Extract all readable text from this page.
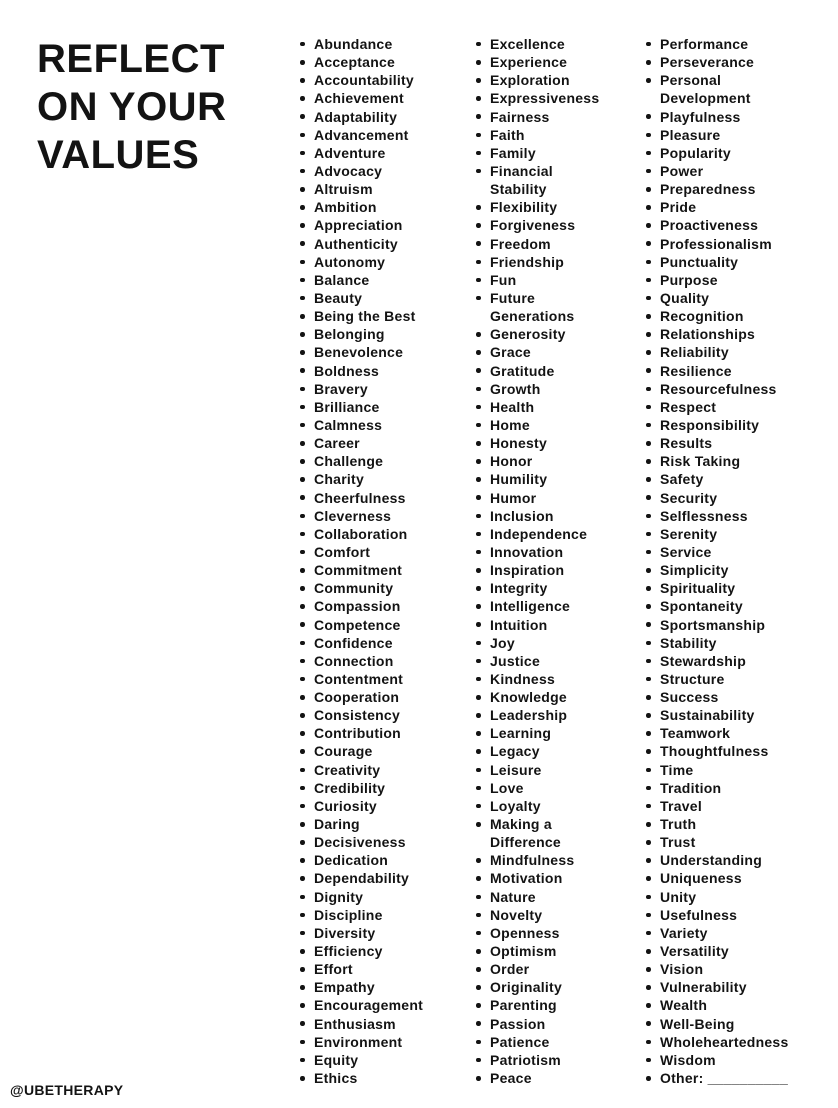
REFLECT
ON YOUR
VALUES
Abundance
Acceptance
Accountability
Achievement
Adaptability
Advancement
Adventure
Advocacy
Altruism
Ambition
Appreciation
Authenticity
Autonomy
Balance
Beauty
Being the Best
Belonging
Benevolence
Boldness
Bravery
Brilliance
Calmness
Career
Challenge
Charity
Cheerfulness
Cleverness
Collaboration
Comfort
Commitment
Community
Compassion
Competence
Confidence
Connection
Contentment
Cooperation
Consistency
Contribution
Courage
Creativity
Credibility
Curiosity
Daring
Decisiveness
Dedication
Dependability
Dignity
Discipline
Diversity
Efficiency
Effort
Empathy
Encouragement
Enthusiasm
Environment
Equity
Ethics
Excellence
Experience
Exploration
Expressiveness
Fairness
Faith
Family
Financial
Stability
Flexibility
Forgiveness
Freedom
Friendship
Fun
Future
Generations
Generosity
Grace
Gratitude
Growth
Health
Home
Honesty
Honor
Humility
Humor
Inclusion
Independence
Innovation
Inspiration
Integrity
Intelligence
Intuition
Joy
Justice
Kindness
Knowledge
Leadership
Learning
Legacy
Leisure
Love
Loyalty
Making a
Difference
Mindfulness
Motivation
Nature
Novelty
Openness
Optimism
Order
Originality
Parenting
Passion
Patience
Patriotism
Peace
Performance
Perseverance
Personal
Development
Playfulness
Pleasure
Popularity
Power
Preparedness
Pride
Proactiveness
Professionalism
Punctuality
Purpose
Quality
Recognition
Relationships
Reliability
Resilience
Resourcefulness
Respect
Responsibility
Results
Risk Taking
Safety
Security
Selflessness
Serenity
Service
Simplicity
Spirituality
Spontaneity
Sportsmanship
Stability
Stewardship
Structure
Success
Sustainability
Teamwork
Thoughtfulness
Time
Tradition
Travel
Truth
Trust
Understanding
Uniqueness
Unity
Usefulness
Variety
Versatility
Vision
Vulnerability
Wealth
Well-Being
Wholeheartedness
Wisdom
Other: __________
@UBETHERAPY
